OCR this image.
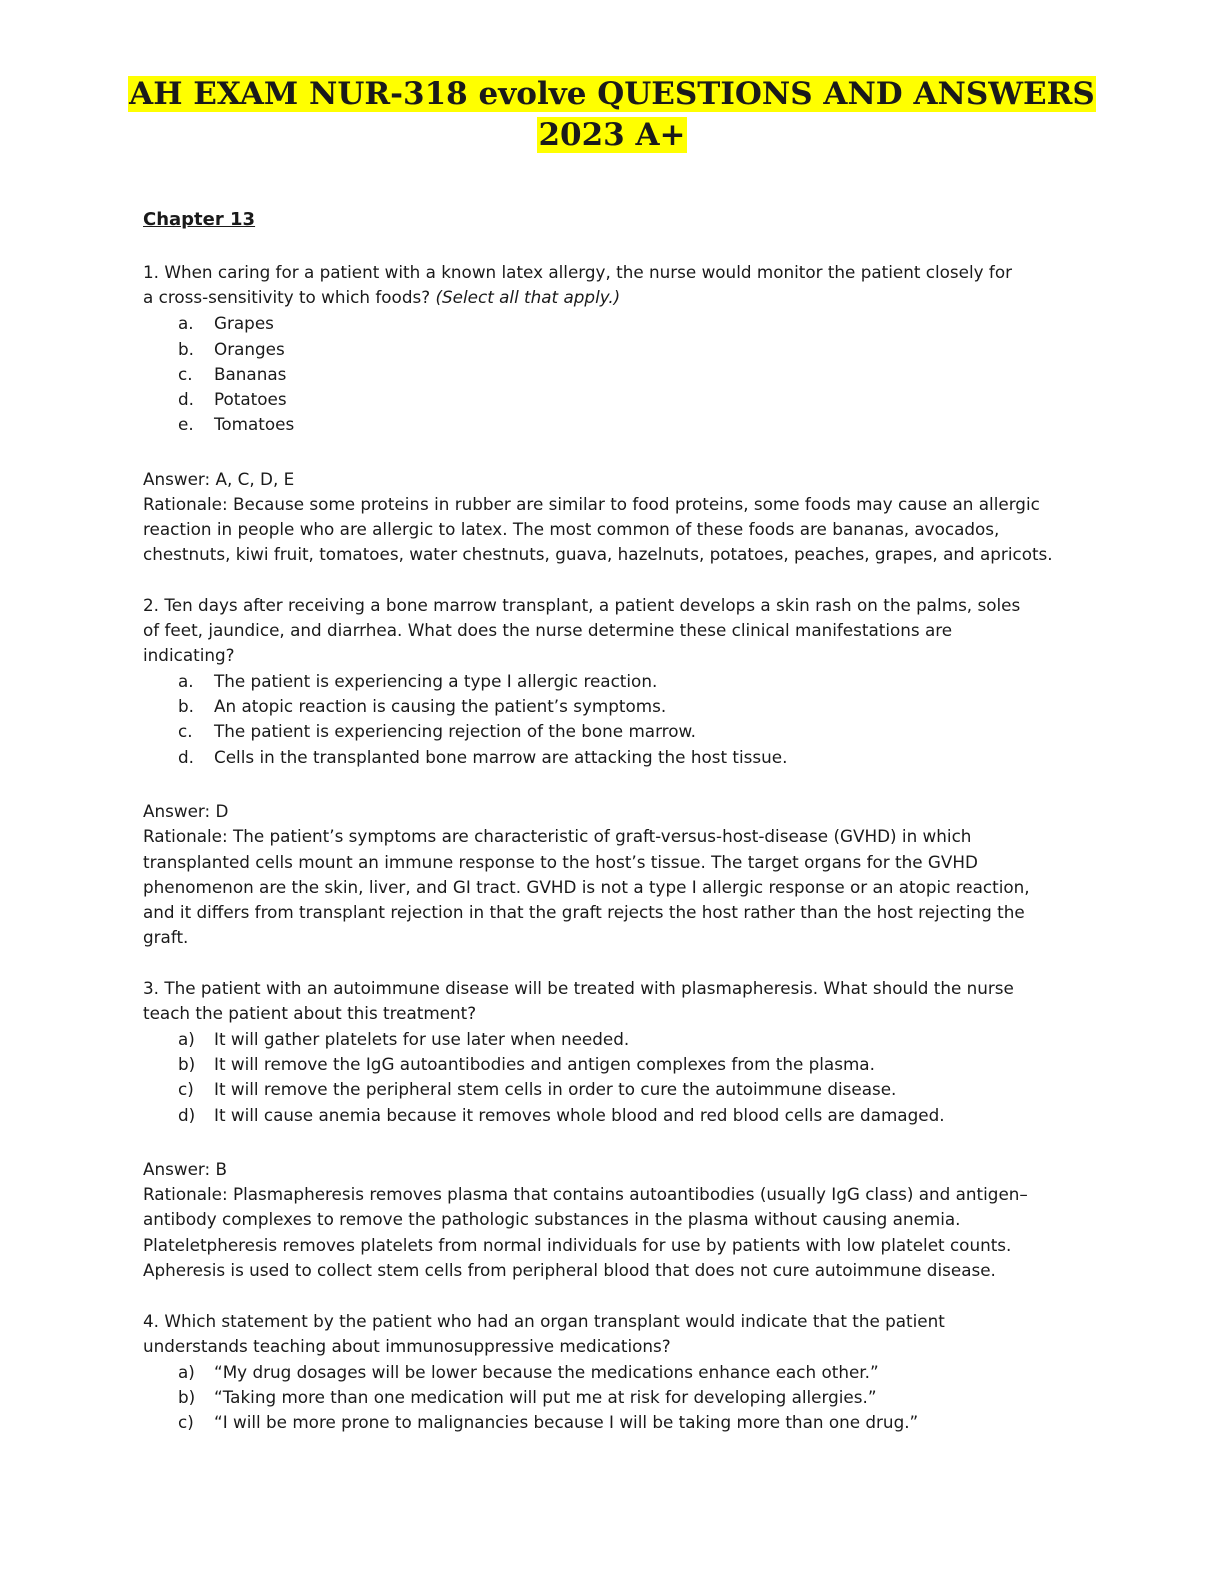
AH EXAM NUR-318 evolve QUESTIONS AND ANSWERS
2023 A+
Chapter 13
1. When caring for a patient with a known latex allergy, the nurse would monitor the patient closely for
a cross-sensitivity to which foods? (Select all that apply.)
a. Grapes
b. Oranges
c. Bananas
d. Potatoes
e. Tomatoes
Answer: A, C, D, E
Rationale: Because some proteins in rubber are similar to food proteins, some foods may cause an allergic
reaction in people who are allergic to latex. The most common of these foods are bananas, avocados,
chestnuts, kiwi fruit, tomatoes, water chestnuts, guava, hazelnuts, potatoes, peaches, grapes, and apricots.
2. Ten days after receiving a bone marrow transplant, a patient develops a skin rash on the palms, soles
of feet, jaundice, and diarrhea. What does the nurse determine these clinical manifestations are
indicating?
a. The patient is experiencing a type I allergic reaction.
b. An atopic reaction is causing the patient’s symptoms.
c. The patient is experiencing rejection of the bone marrow.
d. Cells in the transplanted bone marrow are attacking the host tissue.
Answer: D
Rationale: The patient’s symptoms are characteristic of graft-versus-host-disease (GVHD) in which
transplanted cells mount an immune response to the host’s tissue. The target organs for the GVHD
phenomenon are the skin, liver, and GI tract. GVHD is not a type I allergic response or an atopic reaction,
and it differs from transplant rejection in that the graft rejects the host rather than the host rejecting the
graft.
3. The patient with an autoimmune disease will be treated with plasmapheresis. What should the nurse
teach the patient about this treatment?
a) It will gather platelets for use later when needed.
b) It will remove the IgG autoantibodies and antigen complexes from the plasma.
c) It will remove the peripheral stem cells in order to cure the autoimmune disease.
d) It will cause anemia because it removes whole blood and red blood cells are damaged.
Answer: B
Rationale: Plasmapheresis removes plasma that contains autoantibodies (usually IgG class) and antigen–
antibody complexes to remove the pathologic substances in the plasma without causing anemia.
Plateletpheresis removes platelets from normal individuals for use by patients with low platelet counts.
Apheresis is used to collect stem cells from peripheral blood that does not cure autoimmune disease.
4. Which statement by the patient who had an organ transplant would indicate that the patient
understands teaching about immunosuppressive medications?
a) “My drug dosages will be lower because the medications enhance each other.”
b) “Taking more than one medication will put me at risk for developing allergies.”
c) “I will be more prone to malignancies because I will be taking more than one drug.”
